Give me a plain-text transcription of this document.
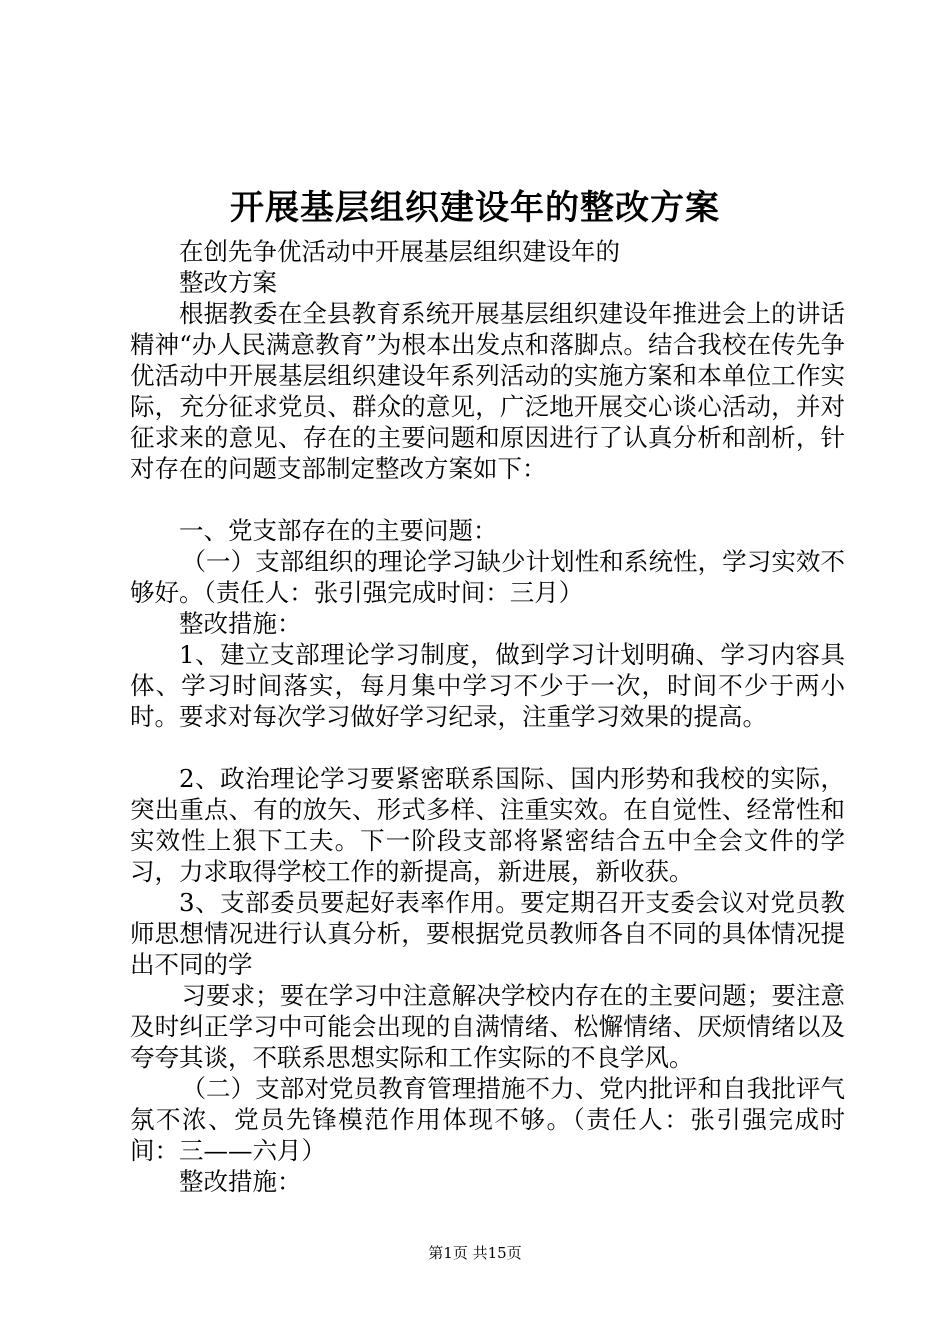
开展基层组织建设年的整改方案

在创先争优活动中开展基层组织建设年的

整改方案

根据教委在全县教育系统开展基层组织建设年推进会上的讲话精神“办人民满意教育”为根本出发点和落脚点。结合我校在传先争优活动中开展基层组织建设年系列活动的实施方案和本单位工作实际，充分征求党员、群众的意见，广泛地开展交心谈心活动，并对征求来的意见、存在的主要问题和原因进行了认真分析和剖析，针对存在的问题支部制定整改方案如下：

一、党支部存在的主要问题：

（一）支部组织的理论学习缺少计划性和系统性，学习实效不够好。（责任人：张引强完成时间：三月）

整改措施：

1、建立支部理论学习制度，做到学习计划明确、学习内容具体、学习时间落实，每月集中学习不少于一次，时间不少于两小时。要求对每次学习做好学习纪录，注重学习效果的提高。

2、政治理论学习要紧密联系国际、国内形势和我校的实际，突出重点、有的放矢、形式多样、注重实效。在自觉性、经常性和实效性上狠下工夫。下一阶段支部将紧密结合五中全会文件的学习，力求取得学校工作的新提高，新进展，新收获。

3、支部委员要起好表率作用。要定期召开支委会议对党员教师思想情况进行认真分析，要根据党员教师各自不同的具体情况提出不同的学

习要求；要在学习中注意解决学校内存在的主要问题；要注意及时纠正学习中可能会出现的自满情绪、松懈情绪、厌烦情绪以及夸夸其谈，不联系思想实际和工作实际的不良学风。

（二）支部对党员教育管理措施不力、党内批评和自我批评气氛不浓、党员先锋模范作用体现不够。（责任人：张引强完成时间：三——六月）

整改措施：

第1页 共15页
